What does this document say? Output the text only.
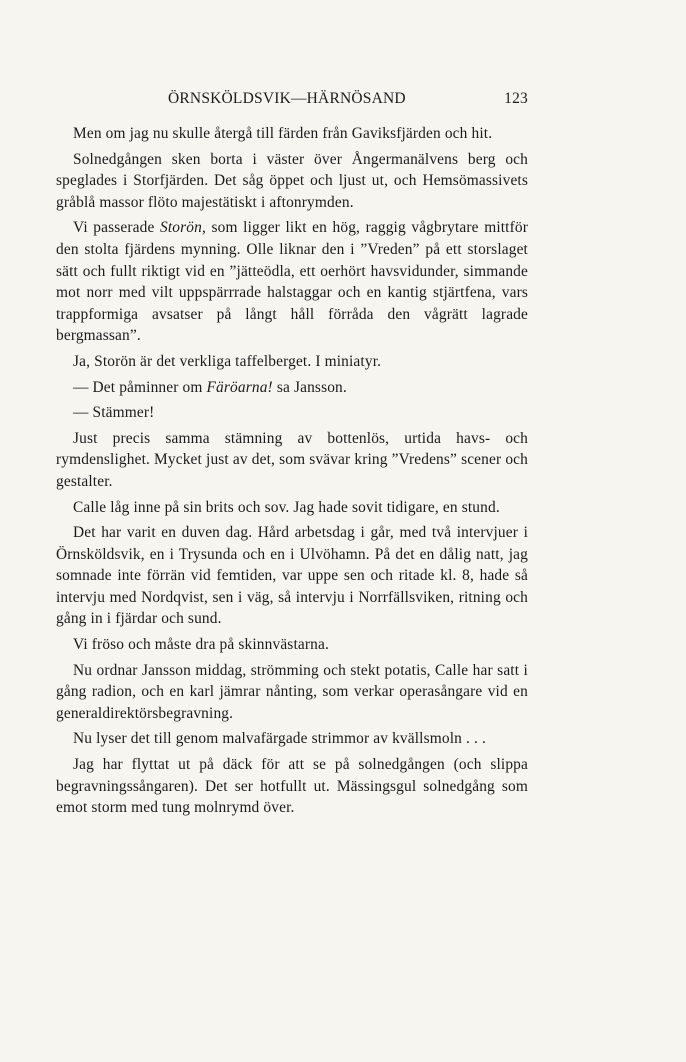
ÖRNSKÖLDSVIK—HÄRNÖSAND	123

Men om jag nu skulle återgå till färden från Gaviksfjärden och hit.

Solnedgången sken borta i väster över Ångermanälvens berg och speglades i Storfjärden. Det såg öppet och ljust ut, och Hemsömassivets gråblå massor flöto majestätiskt i aftonrymden.

Vi passerade Storön, som ligger likt en hög, raggig vågbrytare mittför den stolta fjärdens mynning. Olle liknar den i ”Vreden” på ett storslaget sätt och fullt riktigt vid en ”jätteödla, ett oerhört havsvidunder, simmande mot norr med vilt uppspärrrade halstaggar och en kantig stjärtfena, vars trappformiga avsatser på långt håll förråda den vågrätt lagrade bergmassan”.

Ja, Storön är det verkliga taffelberget. I miniatyr.

— Det påminner om Färöarna! sa Jansson.

— Stämmer!

Just precis samma stämning av bottenlös, urtida havs- och rymdenslighet. Mycket just av det, som svävar kring ”Vredens” scener och gestalter.

Calle låg inne på sin brits och sov. Jag hade sovit tidigare, en stund.

Det har varit en duven dag. Hård arbetsdag i går, med två intervjuer i Örnsköldsvik, en i Trysunda och en i Ulvöhamn. På det en dålig natt, jag somnade inte förrän vid femtiden, var uppe sen och ritade kl. 8, hade så intervju med Nordqvist, sen i väg, så intervju i Norrfällsviken, ritning och gång in i fjärdar och sund.

Vi fröso och måste dra på skinnvästarna.

Nu ordnar Jansson middag, strömming och stekt potatis, Calle har satt i gång radion, och en karl jämrar nånting, som verkar operasångare vid en generaldirektörsbegravning.

Nu lyser det till genom malvafärgade strimmor av kvällsmoln . . .

Jag har flyttat ut på däck för att se på solnedgången (och slippa begravningssångaren). Det ser hotfullt ut. Mässingsgul solnedgång som emot storm med tung molnrymd över.
